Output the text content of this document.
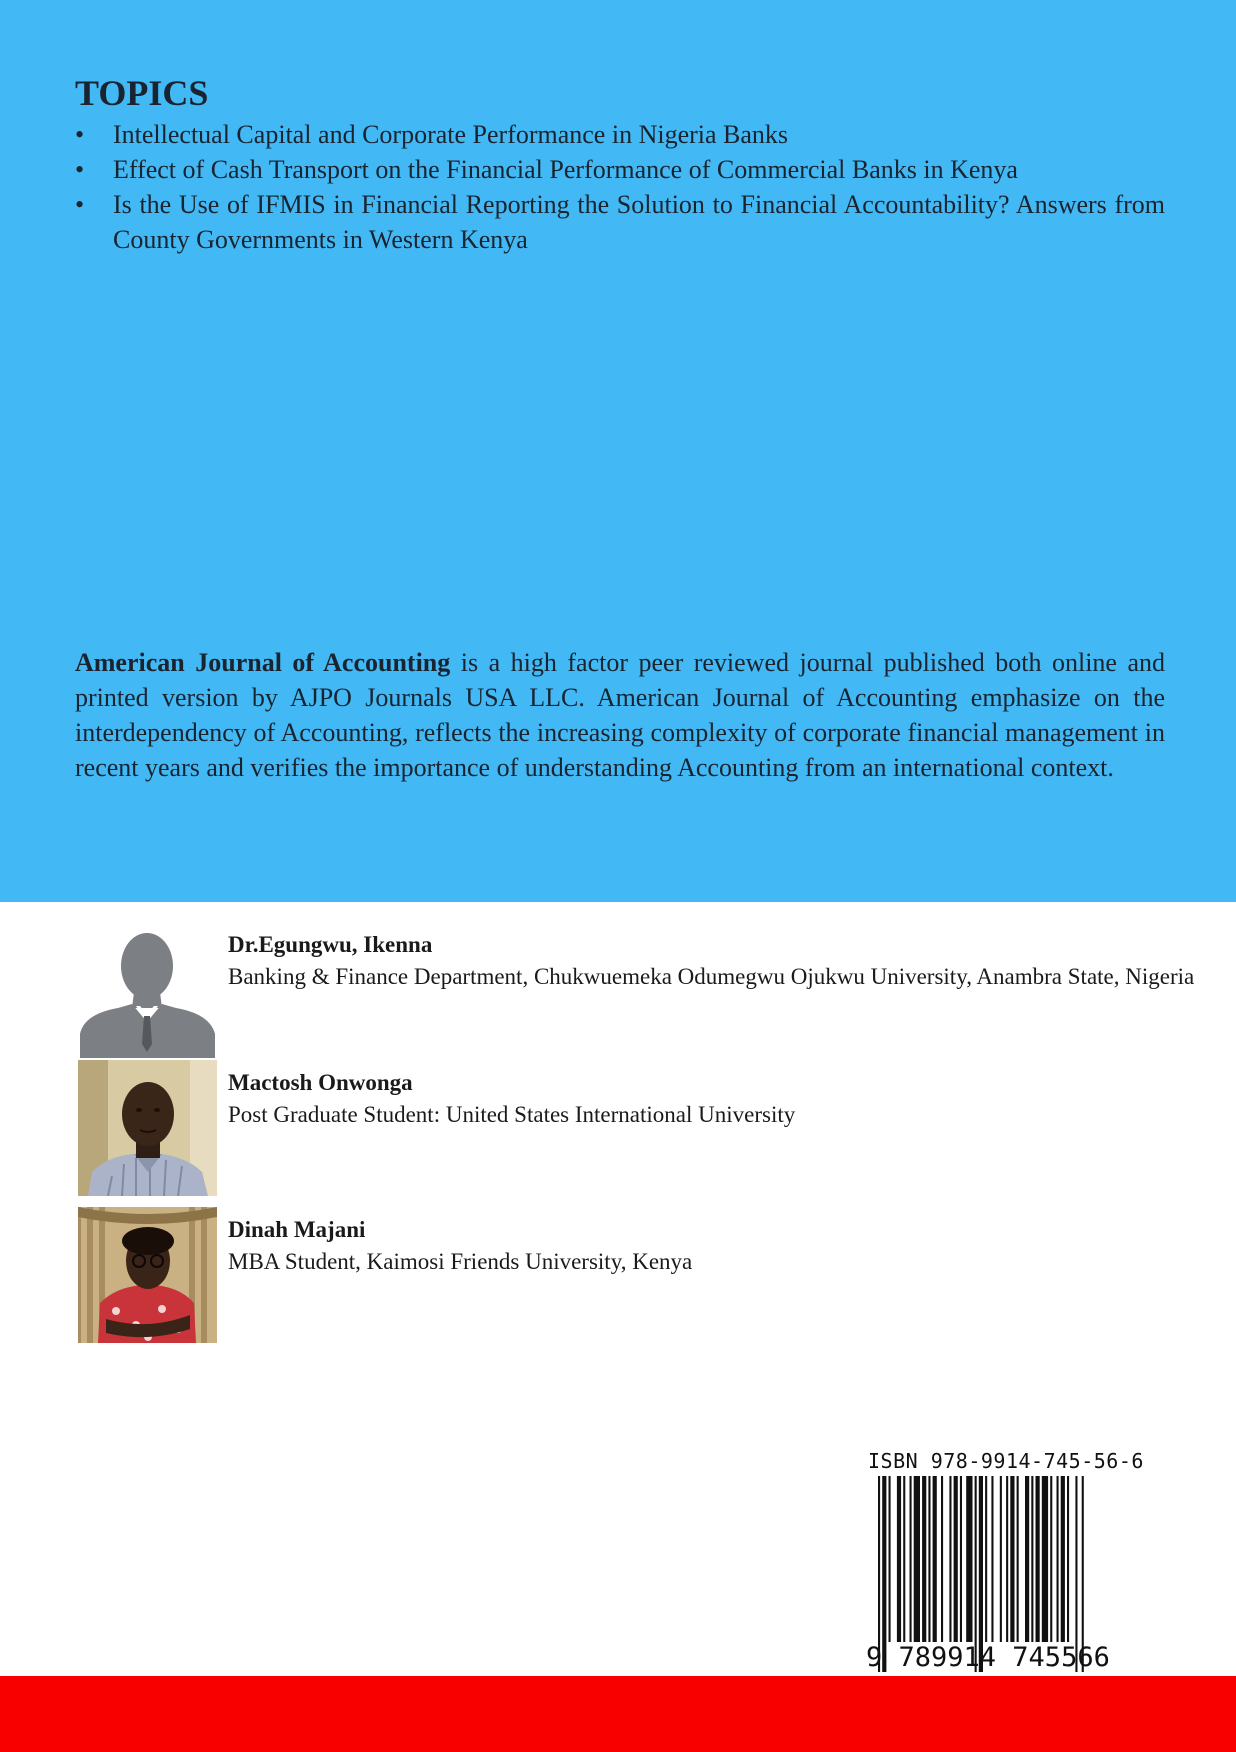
TOPICS
• Intellectual Capital and Corporate Performance in Nigeria Banks
• Effect of Cash Transport on the Financial Performance of Commercial Banks in Kenya
• Is the Use of IFMIS in Financial Reporting the Solution to Financial Accountability? Answers from County Governments in Western Kenya

American Journal of Accounting is a high factor peer reviewed journal published both online and printed version by AJPO Journals USA LLC. American Journal of Accounting emphasize on the interdependency of Accounting, reflects the increasing complexity of corporate financial management in recent years and verifies the importance of understanding Accounting from an international context.

Dr.Egungwu, Ikenna

Banking & Finance Department, Chukwuemeka Odumegwu Ojukwu University, Anambra State, Nigeria

Mactosh Onwonga

Post Graduate Student: United States International University

Dinah Majani

MBA Student, Kaimosi Friends University, Kenya

ISBN 978-9914-745-56-6

9 789914 745566
